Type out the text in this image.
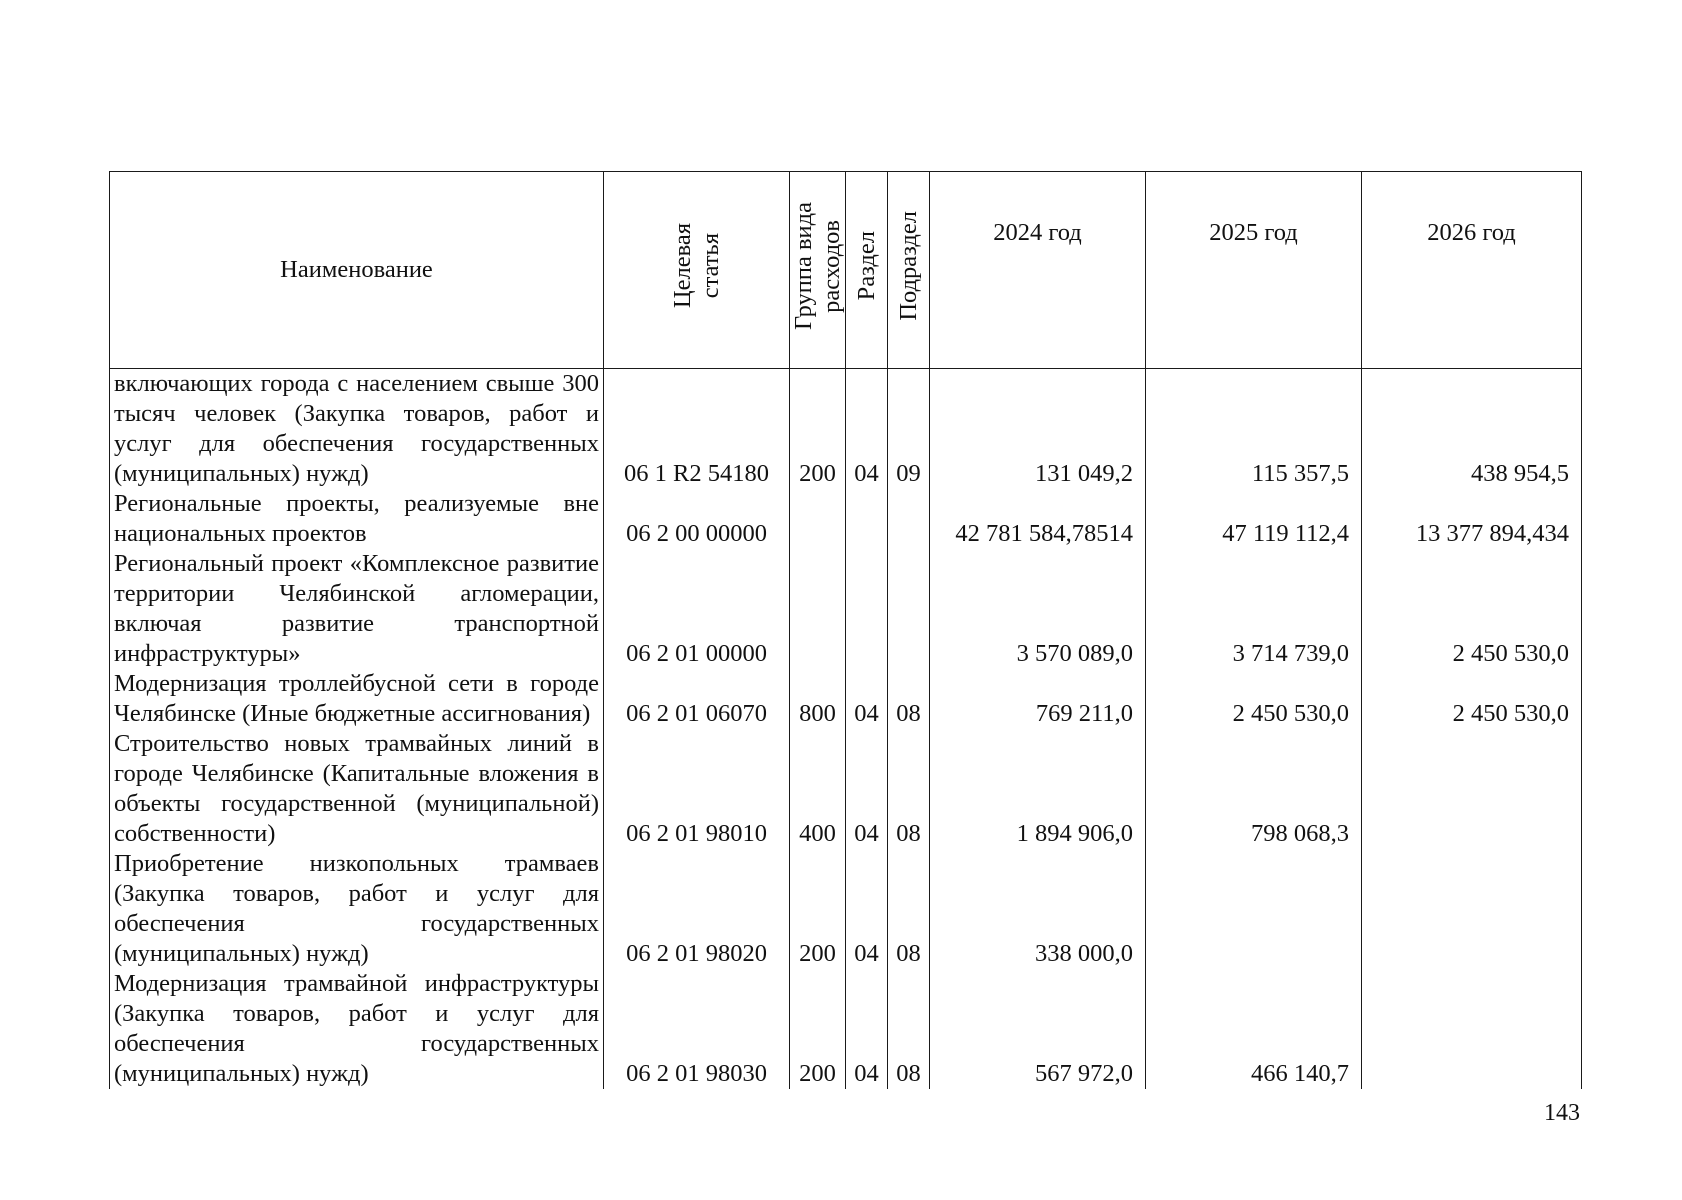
Наименование	Целевая статья	Группа вида расходов	Раздел	Подраздел	2024 год	2025 год	2026 год
включающих города с населением свыше 300 тысяч человек (Закупка товаров, работ и услуг для обеспечения государственных (муниципальных) нужд)	06 1 R2 54180	200	04	09	131 049,2	115 357,5	438 954,5
Региональные проекты, реализуемые вне национальных проектов	06 2 00 00000				42 781 584,78514	47 119 112,4	13 377 894,434
Региональный проект «Комплексное развитие территории Челябинской агломерации, включая развитие транспортной инфраструктуры»	06 2 01 00000				3 570 089,0	3 714 739,0	2 450 530,0
Модернизация троллейбусной сети в городе Челябинске (Иные бюджетные ассигнования)	06 2 01 06070	800	04	08	769 211,0	2 450 530,0	2 450 530,0
Строительство новых трамвайных линий в городе Челябинске (Капитальные вложения в объекты государственной (муниципальной) собственности)	06 2 01 98010	400	04	08	1 894 906,0	798 068,3	
Приобретение низкопольных трамваев (Закупка товаров, работ и услуг для обеспечения государственных (муниципальных) нужд)	06 2 01 98020	200	04	08	338 000,0		
Модернизация трамвайной инфраструктуры (Закупка товаров, работ и услуг для обеспечения государственных (муниципальных) нужд)	06 2 01 98030	200	04	08	567 972,0	466 140,7	
143
